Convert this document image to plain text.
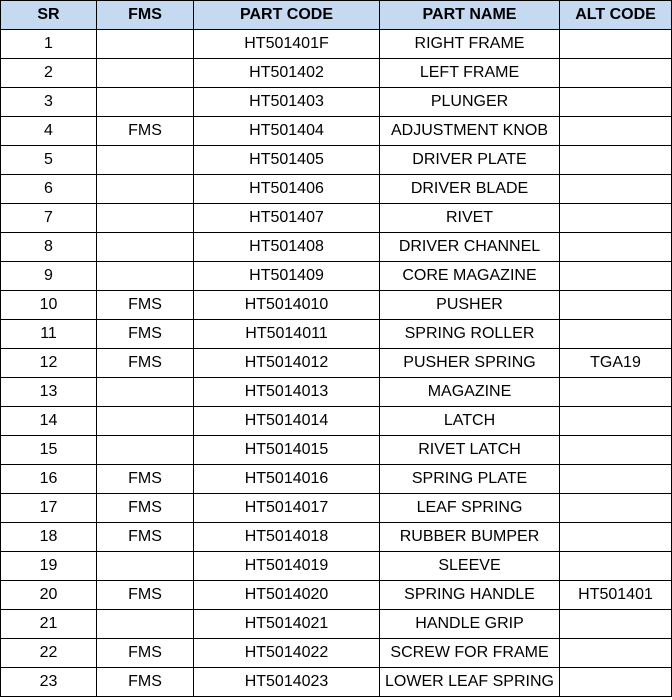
SR	FMS	PART CODE	PART NAME	ALT CODE
1		HT501401F	RIGHT FRAME	
2		HT501402	LEFT FRAME	
3		HT501403	PLUNGER	
4	FMS	HT501404	ADJUSTMENT KNOB	
5		HT501405	DRIVER PLATE	
6		HT501406	DRIVER BLADE	
7		HT501407	RIVET	
8		HT501408	DRIVER CHANNEL	
9		HT501409	CORE MAGAZINE	
10	FMS	HT5014010	PUSHER	
11	FMS	HT5014011	SPRING ROLLER	
12	FMS	HT5014012	PUSHER SPRING	TGA19
13		HT5014013	MAGAZINE	
14		HT5014014	LATCH	
15		HT5014015	RIVET LATCH	
16	FMS	HT5014016	SPRING PLATE	
17	FMS	HT5014017	LEAF SPRING	
18	FMS	HT5014018	RUBBER BUMPER	
19		HT5014019	SLEEVE	
20	FMS	HT5014020	SPRING HANDLE	HT501401
21		HT5014021	HANDLE GRIP	
22	FMS	HT5014022	SCREW FOR FRAME	
23	FMS	HT5014023	LOWER LEAF SPRING	
